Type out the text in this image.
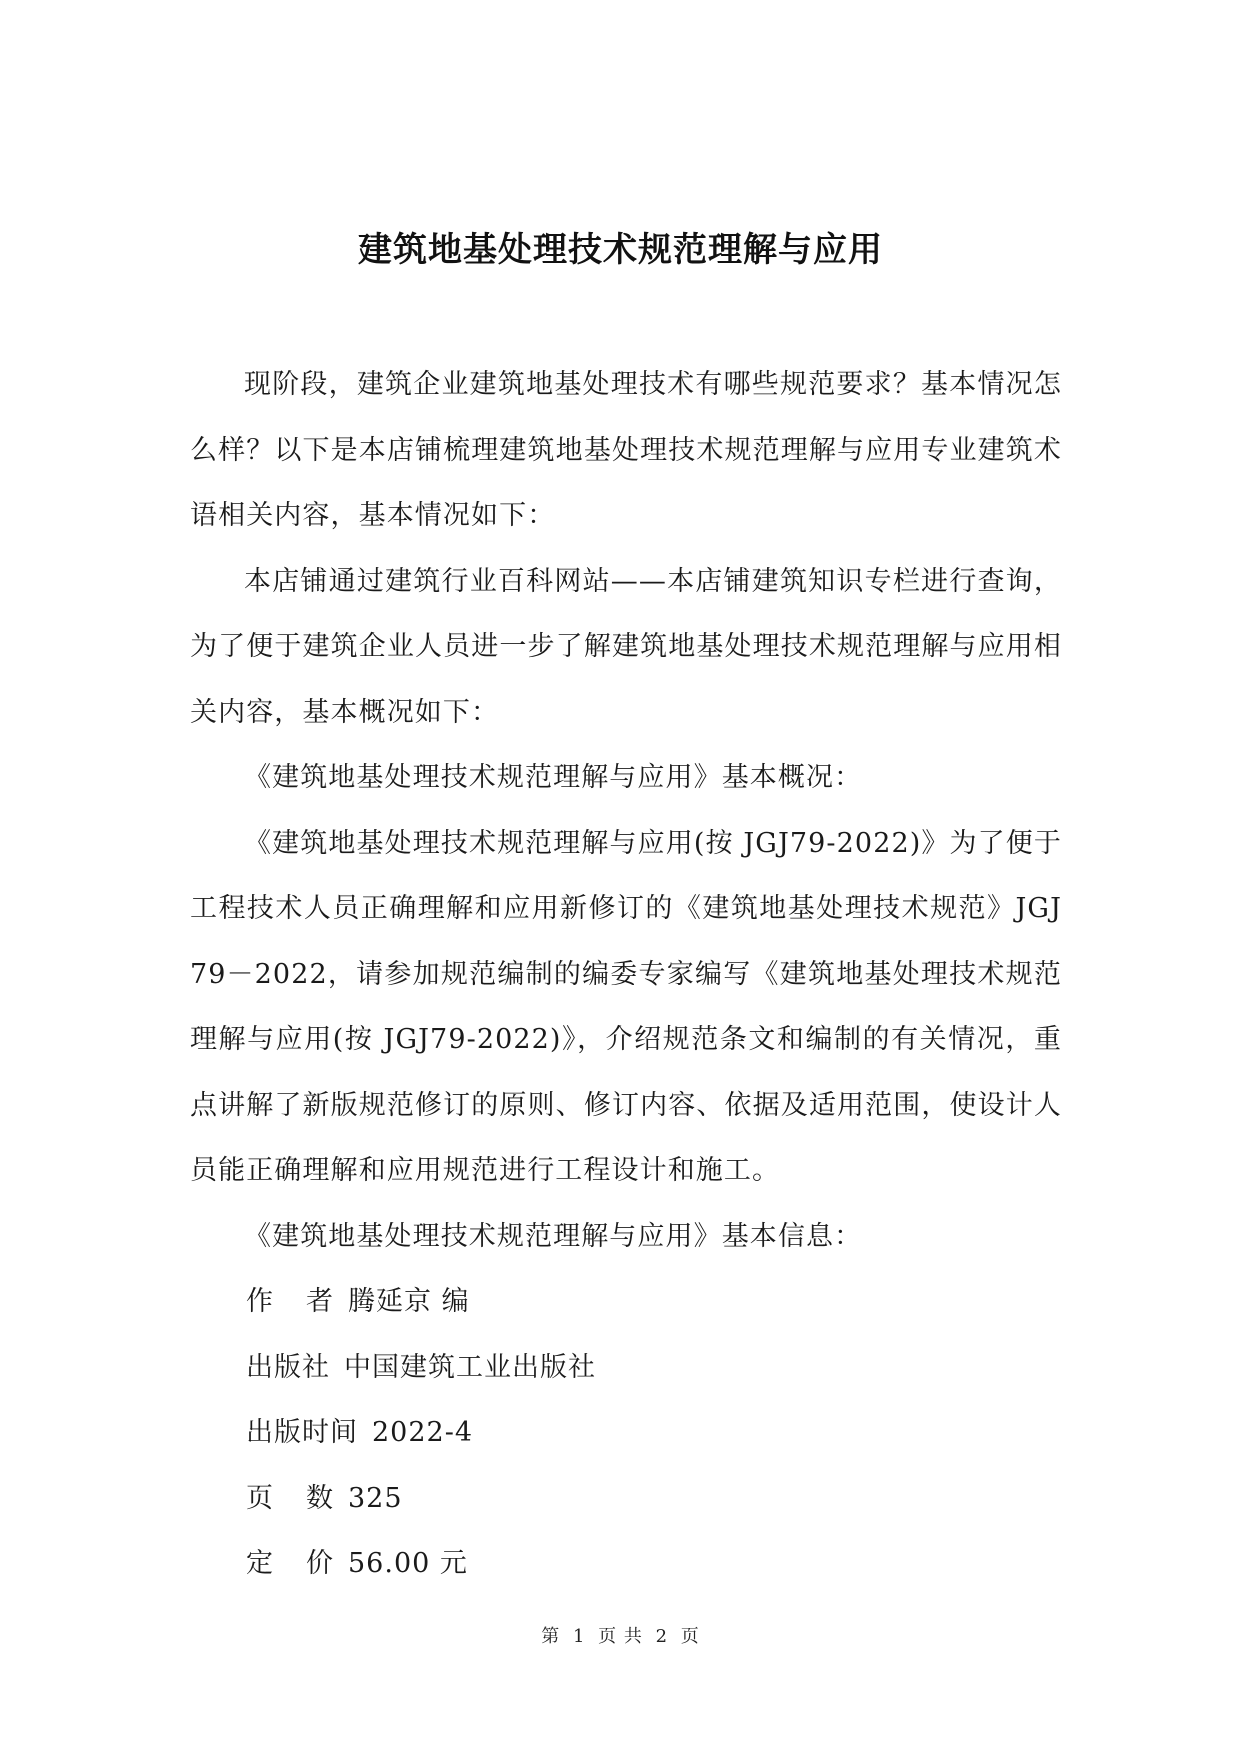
建筑地基处理技术规范理解与应用

现阶段，建筑企业建筑地基处理技术有哪些规范要求？基本情况怎么样？以下是本店铺梳理建筑地基处理技术规范理解与应用专业建筑术语相关内容，基本情况如下：

本店铺通过建筑行业百科网站——本店铺建筑知识专栏进行查询，为了便于建筑企业人员进一步了解建筑地基处理技术规范理解与应用相关内容，基本概况如下：

《建筑地基处理技术规范理解与应用》基本概况：

《建筑地基处理技术规范理解与应用(按 JGJ79-2022)》为了便于工程技术人员正确理解和应用新修订的《建筑地基处理技术规范》JGJ 79－2022，请参加规范编制的编委专家编写《建筑地基处理技术规范理解与应用(按 JGJ79-2022)》，介绍规范条文和编制的有关情况，重点讲解了新版规范修订的原则、修订内容、依据及适用范围，使设计人员能正确理解和应用规范进行工程设计和施工。

《建筑地基处理技术规范理解与应用》基本信息：

作 者 腾延京 编
出版社 中国建筑工业出版社
出版时间 2022-4
页 数 325
定 价 56.00 元
第 1 页 共 2 页
